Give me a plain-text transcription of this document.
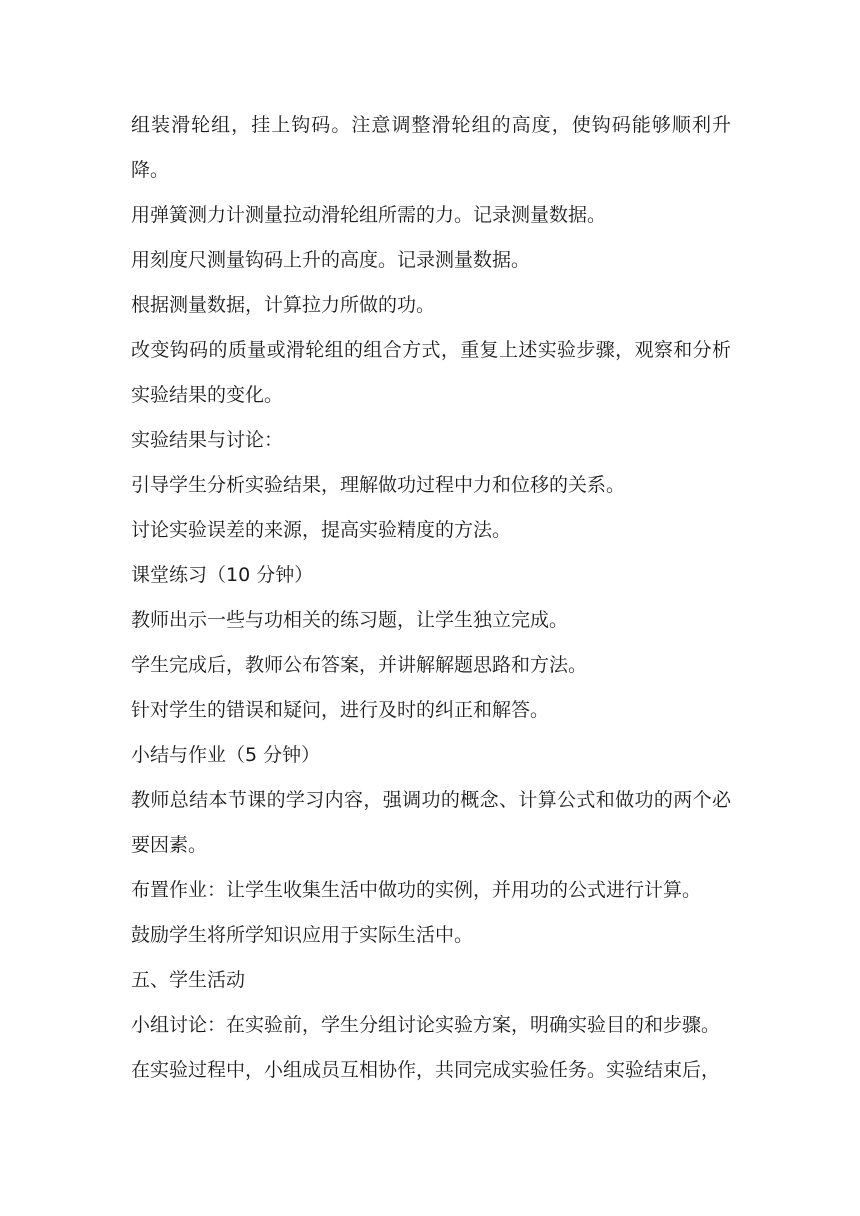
组装滑轮组，挂上钩码。注意调整滑轮组的高度，使钩码能够顺利升降。

用弹簧测力计测量拉动滑轮组所需的力。记录测量数据。

用刻度尺测量钩码上升的高度。记录测量数据。

根据测量数据，计算拉力所做的功。

改变钩码的质量或滑轮组的组合方式，重复上述实验步骤，观察和分析实验结果的变化。

实验结果与讨论：

引导学生分析实验结果，理解做功过程中力和位移的关系。

讨论实验误差的来源，提高实验精度的方法。

课堂练习（10 分钟）

教师出示一些与功相关的练习题，让学生独立完成。

学生完成后，教师公布答案，并讲解解题思路和方法。

针对学生的错误和疑问，进行及时的纠正和解答。

小结与作业（5 分钟）

教师总结本节课的学习内容，强调功的概念、计算公式和做功的两个必要因素。

布置作业：让学生收集生活中做功的实例，并用功的公式进行计算。

鼓励学生将所学知识应用于实际生活中。

五、学生活动

小组讨论：在实验前，学生分组讨论实验方案，明确实验目的和步骤。

在实验过程中，小组成员互相协作，共同完成实验任务。实验结束后，
